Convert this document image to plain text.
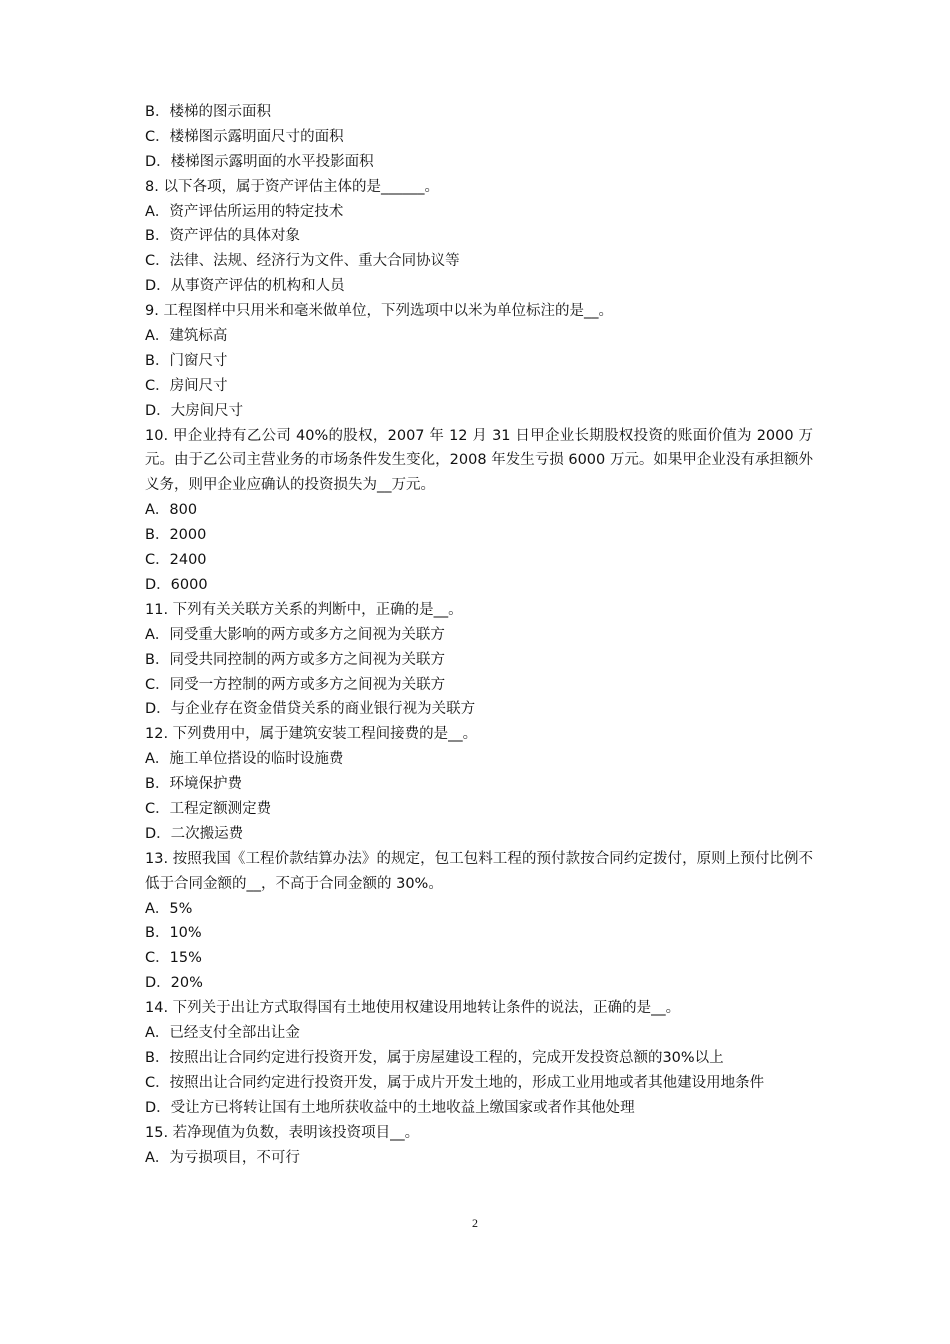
B．楼梯的图示面积
C．楼梯图示露明面尺寸的面积
D．楼梯图示露明面的水平投影面积
8. 以下各项，属于资产评估主体的是______。
A．资产评估所运用的特定技术
B．资产评估的具体对象
C．法律、法规、经济行为文件、重大合同协议等
D．从事资产评估的机构和人员
9. 工程图样中只用米和毫米做单位，下列选项中以米为单位标注的是__。
A．建筑标高
B．门窗尺寸
C．房间尺寸
D．大房间尺寸
10. 甲企业持有乙公司 40%的股权，2007 年 12 月 31 日甲企业长期股权投资的账面价值为 2000 万元。由于乙公司主营业务的市场条件发生变化，2008 年发生亏损 6000 万元。如果甲企业没有承担额外义务，则甲企业应确认的投资损失为__万元。
A．800
B．2000
C．2400
D．6000
11. 下列有关关联方关系的判断中，正确的是__。
A．同受重大影响的两方或多方之间视为关联方
B．同受共同控制的两方或多方之间视为关联方
C．同受一方控制的两方或多方之间视为关联方
D．与企业存在资金借贷关系的商业银行视为关联方
12. 下列费用中，属于建筑安装工程间接费的是__。
A．施工单位搭设的临时设施费
B．环境保护费
C．工程定额测定费
D．二次搬运费
13. 按照我国《工程价款结算办法》的规定，包工包料工程的预付款按合同约定拨付，原则上预付比例不低于合同金额的__，不高于合同金额的 30%。
A．5%
B．10%
C．15%
D．20%
14. 下列关于出让方式取得国有土地使用权建设用地转让条件的说法，正确的是__。
A．已经支付全部出让金
B．按照出让合同约定进行投资开发，属于房屋建设工程的，完成开发投资总额的30%以上
C．按照出让合同约定进行投资开发，属于成片开发土地的，形成工业用地或者其他建设用地条件
D．受让方已将转让国有土地所获收益中的土地收益上缴国家或者作其他处理
15. 若净现值为负数，表明该投资项目__。
A．为亏损项目，不可行
2
